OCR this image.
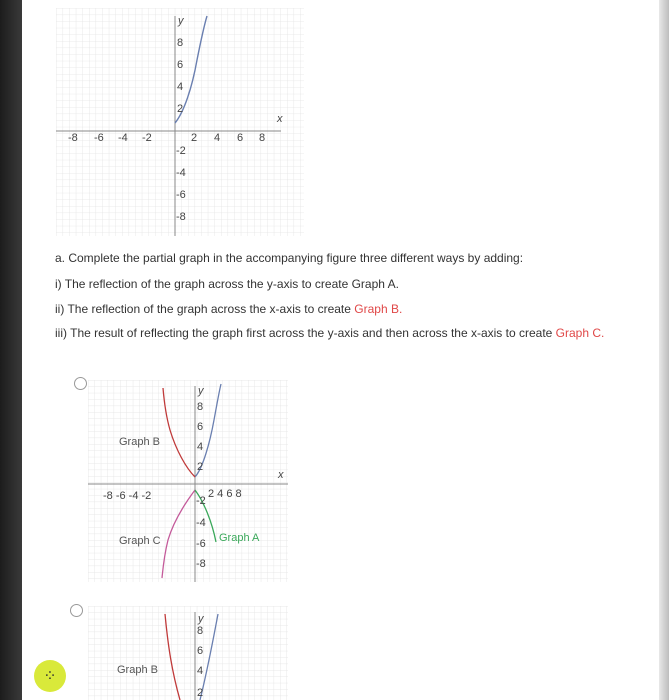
x
y
-8 -6 -4 -2	2 4 6 8
8
6
4
2
-2
-4
-6
-8
a. Complete the partial graph in the accompanying figure three different ways by adding:
i) The reflection of the graph across the y-axis to create Graph A.
ii) The reflection of the graph across the x-axis to create Graph B.
iii) The result of reflecting the graph first across the y-axis and then across the x-axis to create Graph C.
x
y
-8 -6 -4 -2	2 4 6 8
8
6
4
2
-2
-4
-6
-8
Graph B
Graph C	Graph A
y
8
6
4
2
Graph B
⁘
